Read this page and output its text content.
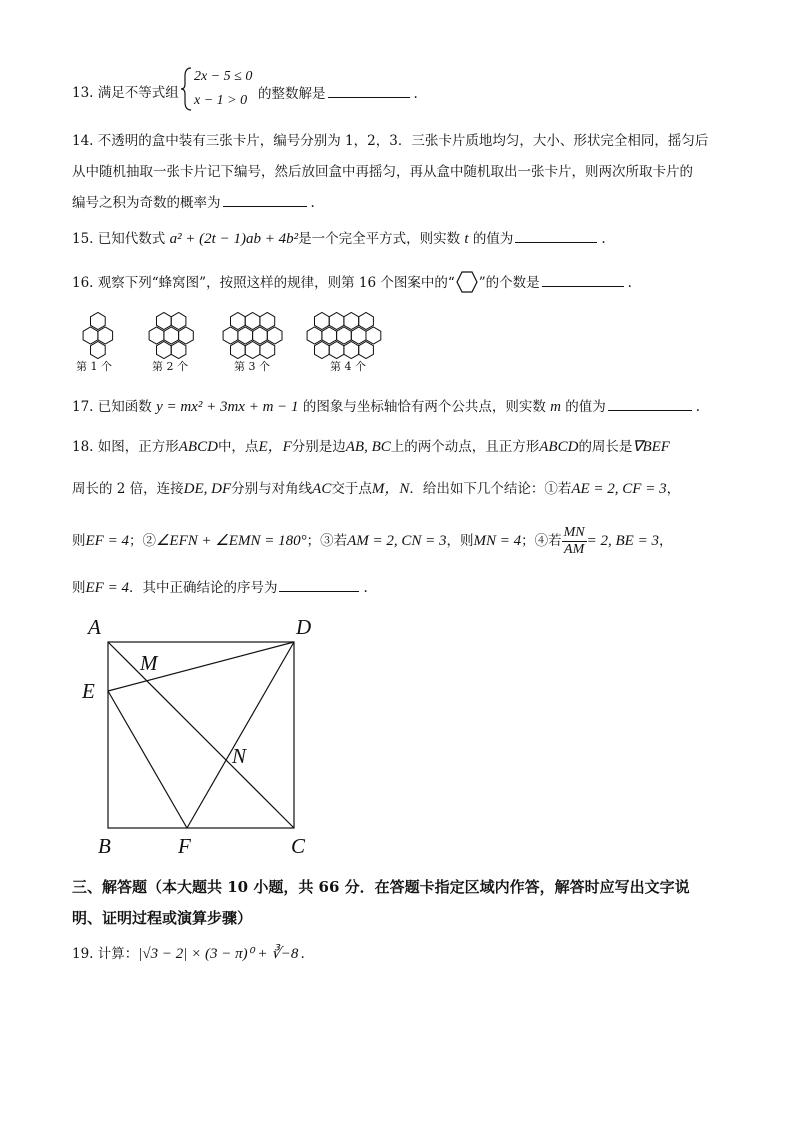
13. 满足不等式组
2x − 5 ≤ 0
x − 1 > 0 的整数解是	.
14. 不透明的盒中装有三张卡片，编号分别为 1，2，3．三张卡片质地均匀，大小、形状完全相同，摇匀后
从中随机抽取一张卡片记下编号，然后放回盒中再摇匀，再从盒中随机取出一张卡片，则两次所取卡片的
编号之积为奇数的概率为	.
15. 已知代数式 a² + (2t − 1)ab + 4b²是一个完全平方式，则实数 t 的值为	.
16. 观察下列“蜂窝图”，按照这样的规律，则第 16 个图案中的“ ”的个数是	.
第 1 个	第 2 个	第 3 个	第 4 个
17. 已知函数 y = mx² + 3mx + m − 1 的图象与坐标轴恰有两个公共点，则实数 m 的值为	.
18. 如图，正方形ABCD中，点E，F分别是边AB, BC上的两个动点，且正方形ABCD的周长是∇BEF
周长的 2 倍，连接DE, DF分别与对角线AC交于点M，N．给出如下几个结论：①若AE = 2, CF = 3，
则EF = 4；②∠EFN + ∠EMN = 180°；③若AM = 2, CN = 3，则MN = 4；④若 $\frac{MN}{AM} = 2$, BE = 3，
则EF = 4．其中正确结论的序号为	.
A	D
M
E
N
B	F	C
三、解答题（本大题共 10 小题，共 66 分．在答题卡指定区域内作答，解答时应写出文字说
明、证明过程或演算步骤）
19. 计算：|√3 − 2| × (3 − π)⁰ + ∛−8 .
